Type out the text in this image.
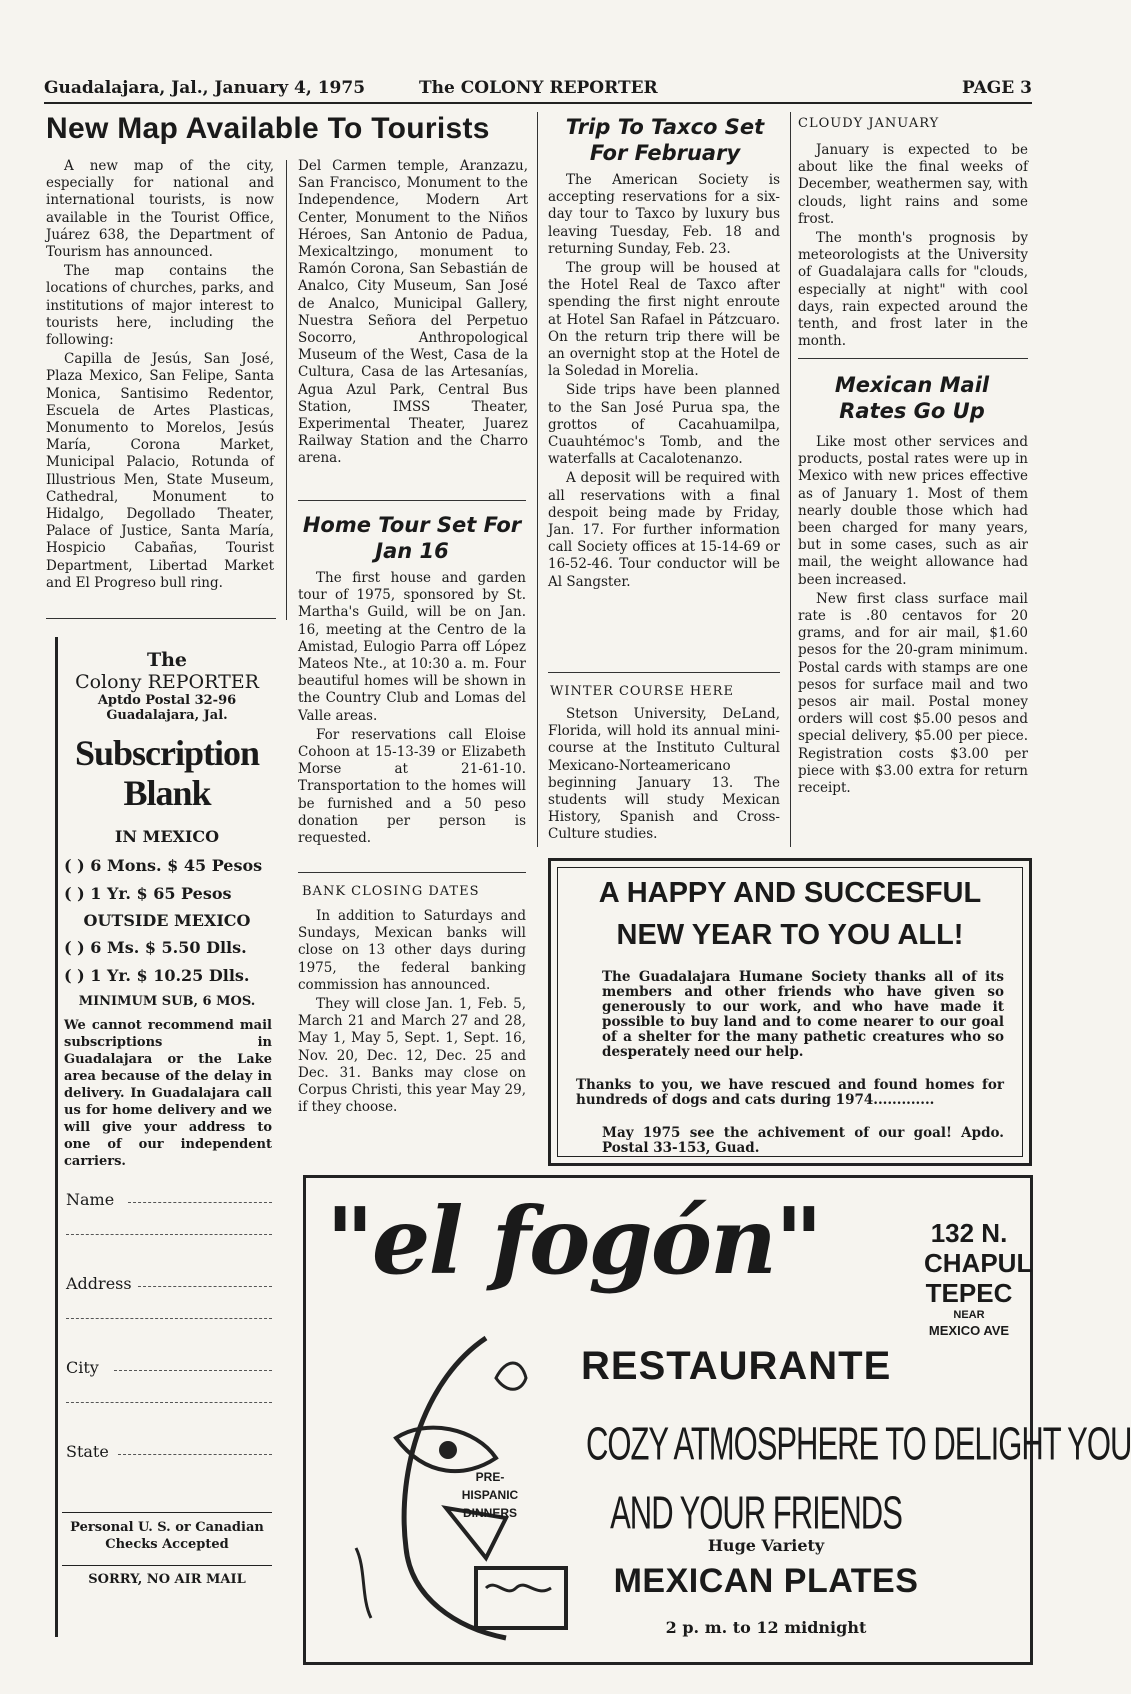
Guadalajara, Jal., January 4, 1975	The COLONY REPORTER	PAGE 3
New Map Available To Tourists

A new map of the city, especially for national and international tourists, is now available in the Tourist Office, Juárez 638, the Department of Tourism has announced.

The map contains the locations of churches, parks, and institutions of major interest to tourists here, including the following:

Capilla de Jesús, San José, Plaza Mexico, San Felipe, Santa Monica, Santisimo Redentor, Escuela de Artes Plasticas, Monumento to Morelos, Jesús María, Corona Market, Municipal Palacio, Rotunda of Illustrious Men, State Museum, Cathedral, Monument to Hidalgo, Degollado Theater, Palace of Justice, Santa María, Hospicio Cabañas, Tourist Department, Libertad Market and El Progreso bull ring.

Del Carmen temple, Aranzazu, San Francisco, Monument to the Independence, Modern Art Center, Monument to the Niños Héroes, San Antonio de Padua, Mexicaltzingo, monument to Ramón Corona, San Sebastián de Analco, City Museum, San José de Analco, Municipal Gallery, Nuestra Señora del Perpetuo Socorro, Anthropological Museum of the West, Casa de la Cultura, Casa de las Artesanías, Agua Azul Park, Central Bus Station, IMSS Theater, Experimental Theater, Juarez Railway Station and the Charro arena.

Home Tour Set For Jan 16

The first house and garden tour of 1975, sponsored by St. Martha's Guild, will be on Jan. 16, meeting at the Centro de la Amistad, Eulogio Parra off López Mateos Nte., at 10:30 a. m. Four beautiful homes will be shown in the Country Club and Lomas del Valle areas.

For reservations call Eloise Cohoon at 15-13-39 or Elizabeth Morse at 21-61-10. Transportation to the homes will be furnished and a 50 peso donation per person is requested.

BANK CLOSING DATES

In addition to Saturdays and Sundays, Mexican banks will close on 13 other days during 1975, the federal banking commission has announced.

They will close Jan. 1, Feb. 5, March 21 and March 27 and 28, May 1, May 5, Sept. 1, Sept. 16, Nov. 20, Dec. 12, Dec. 25 and Dec. 31. Banks may close on Corpus Christi, this year May 29, if they choose.

Trip To Taxco Set For February

The American Society is accepting reservations for a six-day tour to Taxco by luxury bus leaving Tuesday, Feb. 18 and returning Sunday, Feb. 23.

The group will be housed at the Hotel Real de Taxco after spending the first night enroute at Hotel San Rafael in Pátzcuaro. On the return trip there will be an overnight stop at the Hotel de la Soledad in Morelia.

Side trips have been planned to the San José Purua spa, the grottos of Cacahuamilpa, Cuauhtémoc's Tomb, and the waterfalls at Cacalotenanzo.

A deposit will be required with all reservations with a final despoit being made by Friday, Jan. 17. For further information call Society offices at 15-14-69 or 16-52-46. Tour conductor will be Al Sangster.

WINTER COURSE HERE

Stetson University, DeLand, Florida, will hold its annual mini-course at the Instituto Cultural Mexicano-Norteamericano beginning January 13. The students will study Mexican History, Spanish and Cross-Culture studies.

CLOUDY JANUARY

January is expected to be about like the final weeks of December, weathermen say, with clouds, light rains and some frost.

The month's prognosis by meteorologists at the University of Guadalajara calls for "clouds, especially at night" with cool days, rain expected around the tenth, and frost later in the month.

Mexican Mail Rates Go Up

Like most other services and products, postal rates were up in Mexico with new prices effective as of January 1. Most of them nearly double those which had been charged for many years, but in some cases, such as air mail, the weight allowance had been increased.

New first class surface mail rate is .80 centavos for 20 grams, and for air mail, $1.60 pesos for the 20-gram minimum. Postal cards with stamps are one pesos for surface mail and two pesos air mail. Postal money orders will cost $5.00 pesos and special delivery, $5.00 per piece. Registration costs $3.00 per piece with $3.00 extra for return receipt.

The
Colony REPORTER
Aptdo Postal 32-96
Guadalajara, Jal.
Subscription
Blank
IN MEXICO
( ) 6 Mons. $ 45 Pesos
( ) 1 Yr. $ 65 Pesos
OUTSIDE MEXICO
( ) 6 Ms. $ 5.50 Dlls.
( ) 1 Yr. $ 10.25 Dlls.
MINIMUM SUB, 6 MOS.
We cannot recommend mail subscriptions in Guadalajara or the Lake area because of the delay in delivery. In Guadalajara call us for home delivery and we will give your address to one of our independent carriers.
Name
Address
City
State
Personal U. S. or Canadian Checks Accepted
SORRY, NO AIR MAIL
A HAPPY AND SUCCESFUL
NEW YEAR TO YOU ALL!

The Guadalajara Humane Society thanks all of its members and other friends who have given so generously to our work, and who have made it possible to buy land and to come nearer to our goal of a shelter for the many pathetic creatures who so desperately need our help.

Thanks to you, we have rescued and found homes for hundreds of dogs and cats during 1974.............

May 1975 see the achivement of our goal! Apdo. Postal 33-153, Guad.

"el fogón"	132 N.
CHAPUL
TEPEC
NEAR
MEXICO AVE
RESTAURANTE
PRE-HISPANIC DINNERS
COZY ATMOSPHERE TO DELIGHT YOU
AND YOUR FRIENDS
Huge Variety
MEXICAN PLATES
2 p. m. to 12 midnight
